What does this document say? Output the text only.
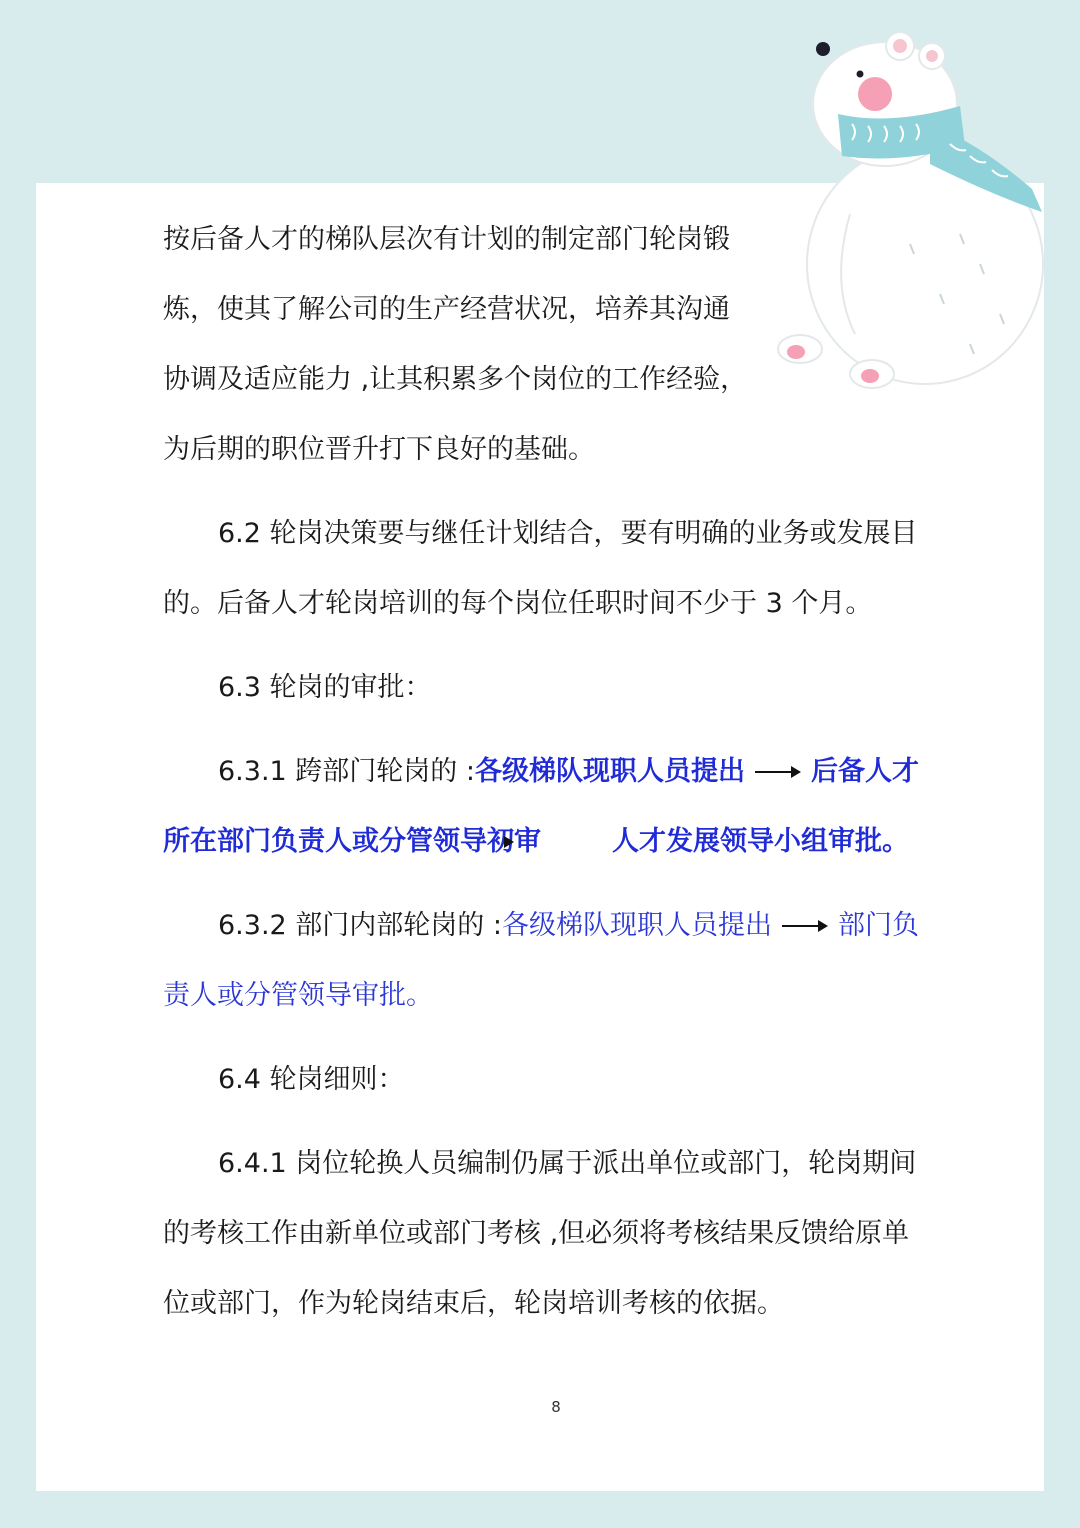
按后备人才的梯队层次有计划的制定部门轮岗锻
炼，使其了解公司的生产经营状况，培养其沟通
协调及适应能力 ,让其积累多个岗位的工作经验，
为后期的职位晋升打下良好的基础。
6.2 轮岗决策要与继任计划结合，要有明确的业务或发展目
的。后备人才轮岗培训的每个岗位任职时间不少于 3 个月。
6.3 轮岗的审批：
6.3.1 跨部门轮岗的 :各级梯队现职人员提出 后备人才
所在部门负责人或分管领导初审	人才发展领导小组审批。
6.3.2 部门内部轮岗的 :各级梯队现职人员提出 部门负
责人或分管领导审批。
6.4 轮岗细则：
6.4.1 岗位轮换人员编制仍属于派出单位或部门，轮岗期间
的考核工作由新单位或部门考核 ,但必须将考核结果反馈给原单
位或部门，作为轮岗结束后，轮岗培训考核的依据。
8
